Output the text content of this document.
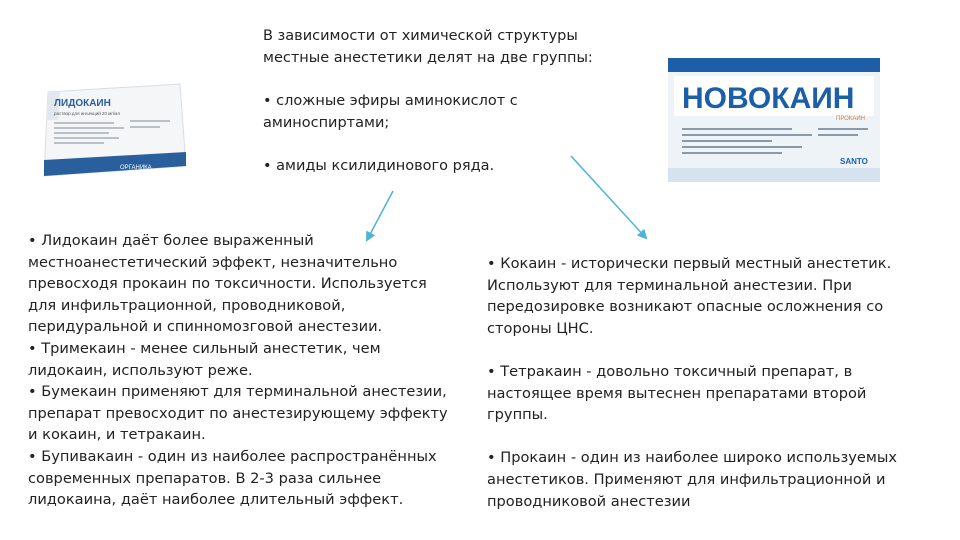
В зависимости от химической структуры местные анестетики делят на две группы:

• сложные эфиры аминокислот с аминоспиртами;

• амиды ксилидинового ряда.

ЛИДОКАИН
раствор для инъекций 20 мг/мл
ОРГАНИКА
НОВОКАИН
ПРОКАИН
SANTO

• Лидокаин даёт более выраженный местноанестетический эффект, незначительно превосходя прокаин по токсичности. Используется для инфильтрационной, проводниковой, перидуральной и спинномозговой анестезии.

• Тримекаин - менее сильный анестетик, чем лидокаин, используют реже.

• Бумекаин применяют для терминальной анестезии, препарат превосходит по анестезирующему эффекту и кокаин, и тетракаин.

• Бупивакаин - один из наиболее распространённых современных препаратов. В 2-3 раза сильнее лидокаина, даёт наиболее длительный эффект.

• Кокаин - исторически первый местный анестетик. Используют для терминальной анестезии. При передозировке возникают опасные осложнения со стороны ЦНС.

• Тетракаин - довольно токсичный препарат, в настоящее время вытеснен препаратами второй группы.

• Прокаин - один из наиболее широко используемых анестетиков. Применяют для инфильтрационной и проводниковой анестезии
